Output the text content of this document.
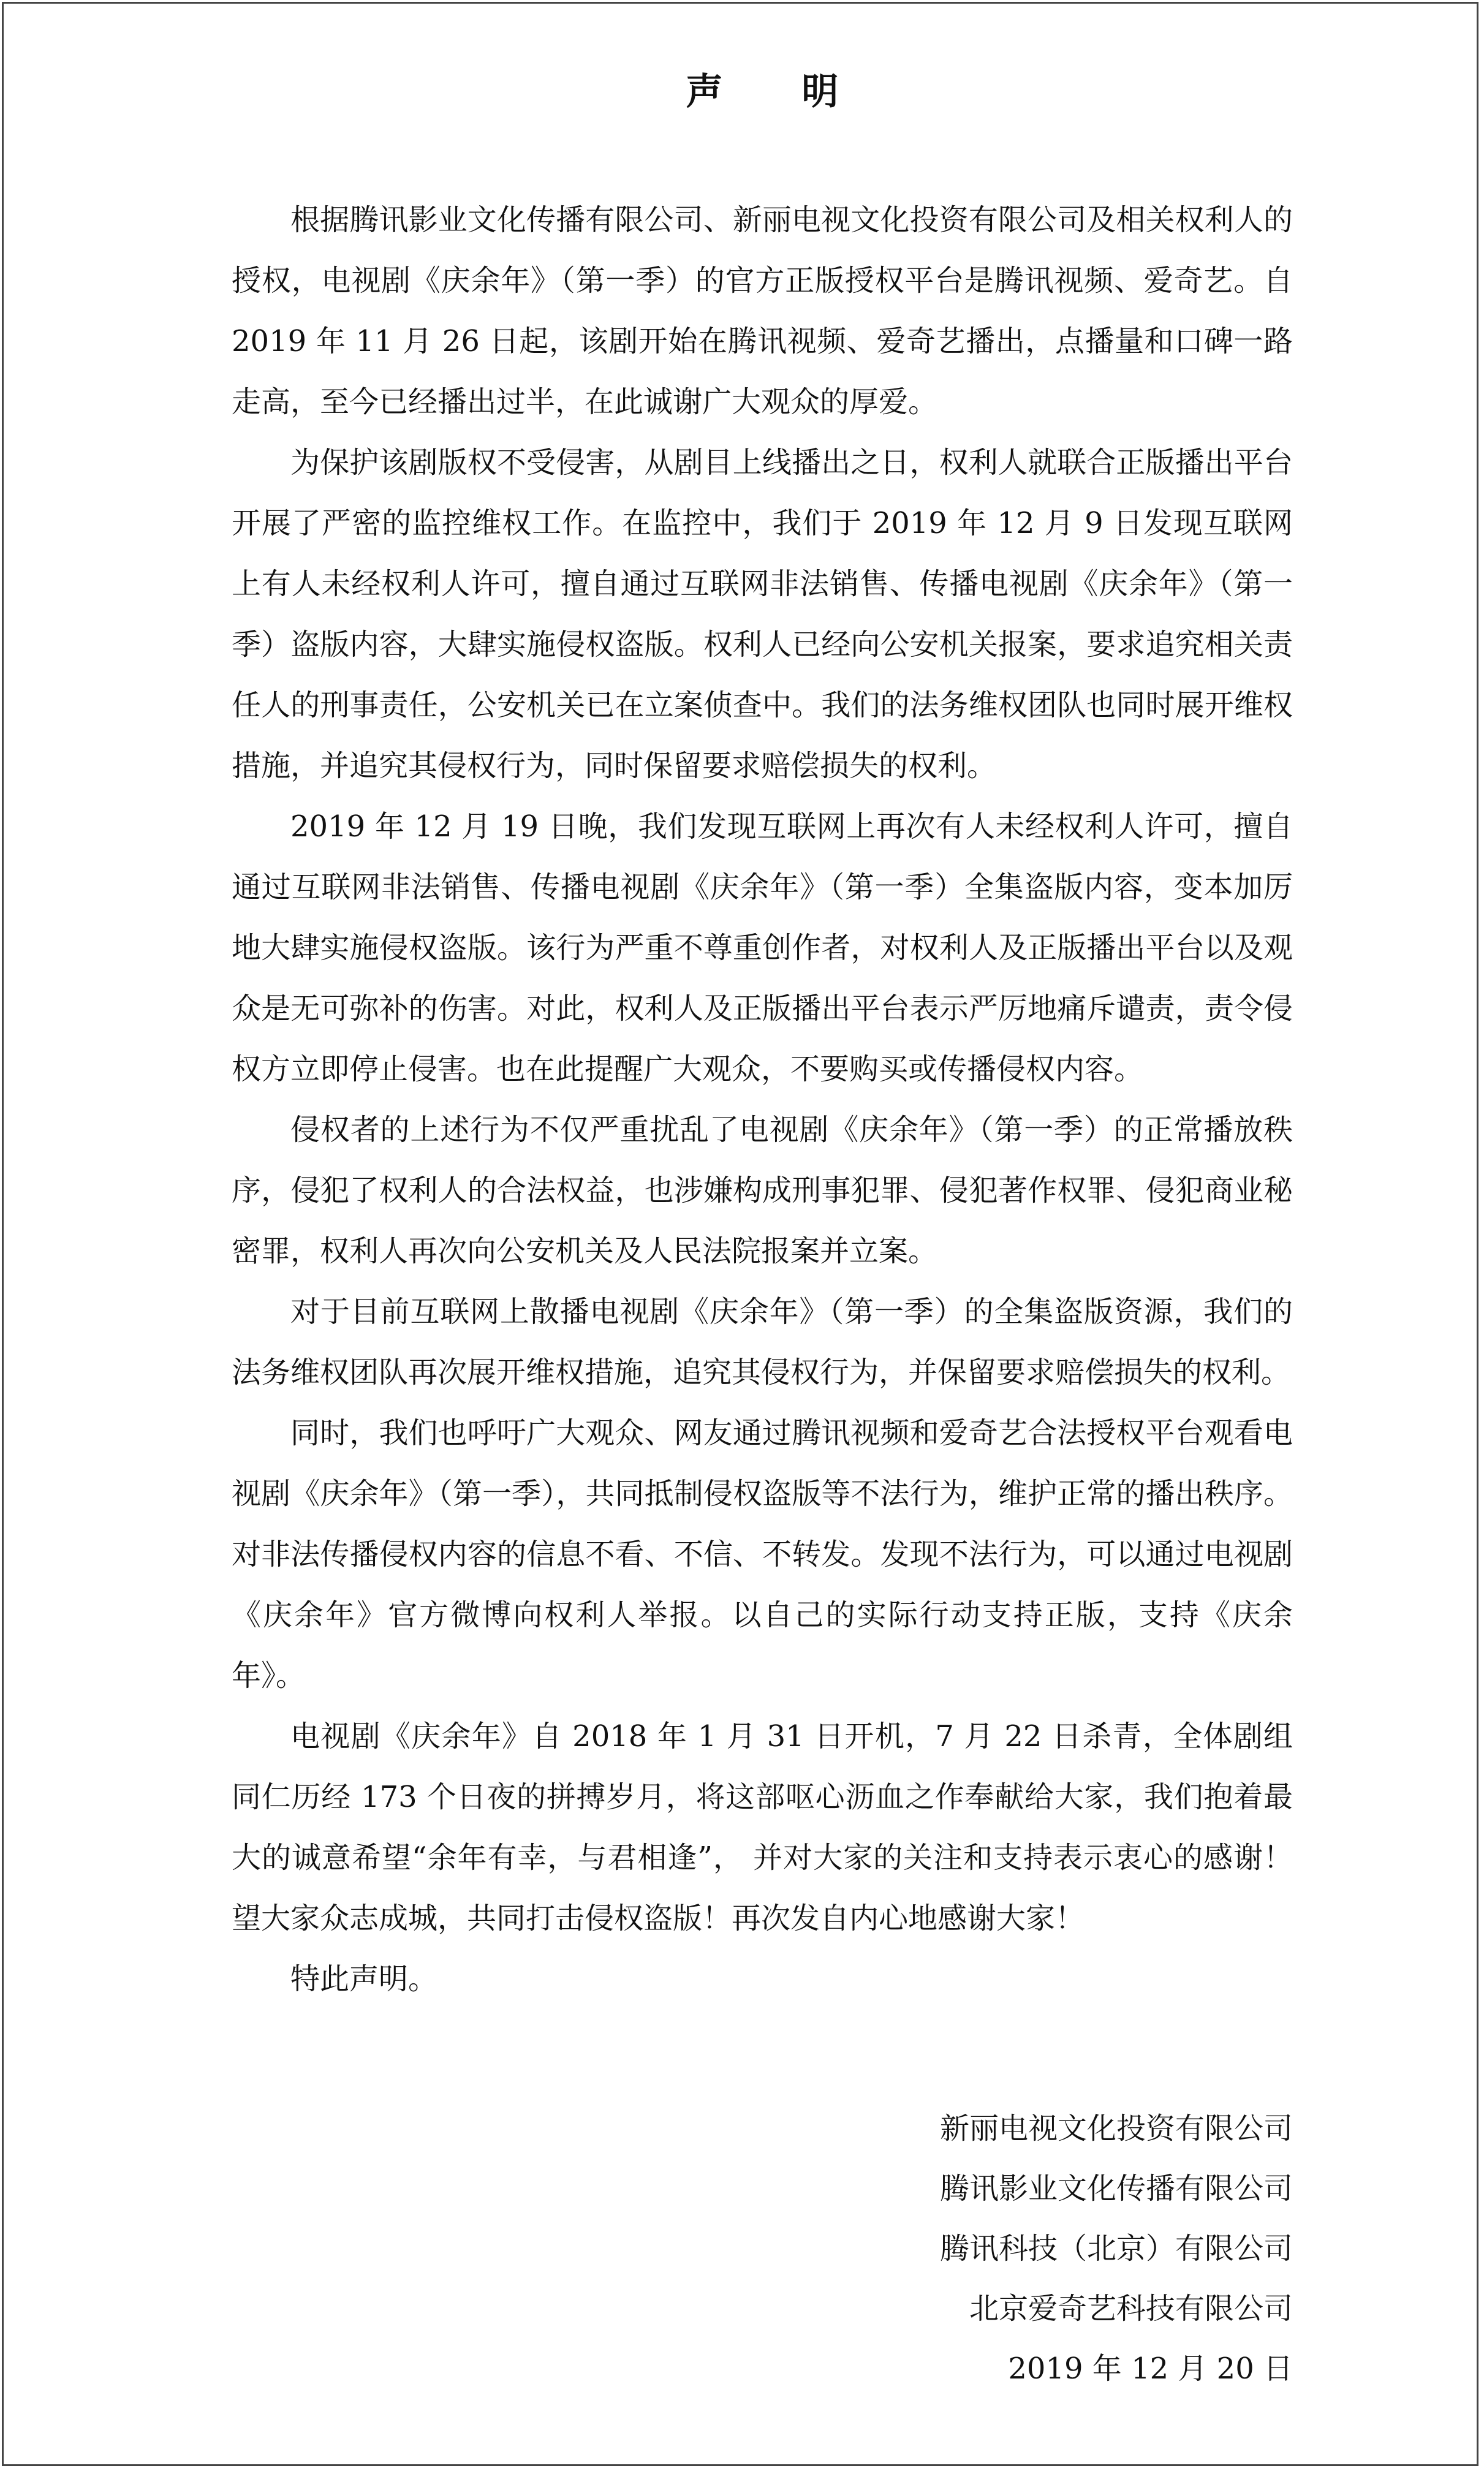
声 明

根据腾讯影业文化传播有限公司、新丽电视文化投资有限公司及相关权利人的授权，电视剧《庆余年》（第一季）的官方正版授权平台是腾讯视频、爱奇艺。自 2019 年 11 月 26 日起，该剧开始在腾讯视频、爱奇艺播出，点播量和口碑一路走高，至今已经播出过半，在此诚谢广大观众的厚爱。

为保护该剧版权不受侵害，从剧目上线播出之日，权利人就联合正版播出平台开展了严密的监控维权工作。在监控中，我们于 2019 年 12 月 9 日发现互联网上有人未经权利人许可，擅自通过互联网非法销售、传播电视剧《庆余年》（第一季）盗版内容，大肆实施侵权盗版。权利人已经向公安机关报案，要求追究相关责任人的刑事责任，公安机关已在立案侦查中。我们的法务维权团队也同时展开维权措施，并追究其侵权行为，同时保留要求赔偿损失的权利。

2019 年 12 月 19 日晚，我们发现互联网上再次有人未经权利人许可，擅自通过互联网非法销售、传播电视剧《庆余年》（第一季）全集盗版内容，变本加厉地大肆实施侵权盗版。该行为严重不尊重创作者，对权利人及正版播出平台以及观众是无可弥补的伤害。对此，权利人及正版播出平台表示严厉地痛斥谴责，责令侵权方立即停止侵害。也在此提醒广大观众，不要购买或传播侵权内容。

侵权者的上述行为不仅严重扰乱了电视剧《庆余年》（第一季）的正常播放秩序，侵犯了权利人的合法权益，也涉嫌构成刑事犯罪、侵犯著作权罪、侵犯商业秘密罪，权利人再次向公安机关及人民法院报案并立案。

对于目前互联网上散播电视剧《庆余年》（第一季）的全集盗版资源，我们的法务维权团队再次展开维权措施，追究其侵权行为，并保留要求赔偿损失的权利。

同时，我们也呼吁广大观众、网友通过腾讯视频和爱奇艺合法授权平台观看电视剧《庆余年》（第一季），共同抵制侵权盗版等不法行为，维护正常的播出秩序。对非法传播侵权内容的信息不看、不信、不转发。发现不法行为，可以通过电视剧《庆余年》官方微博向权利人举报。以自己的实际行动支持正版，支持《庆余年》。

电视剧《庆余年》自 2018 年 1 月 31 日开机，7 月 22 日杀青，全体剧组同仁历经 173 个日夜的拼搏岁月，将这部呕心沥血之作奉献给大家，我们抱着最大的诚意希望“余年有幸，与君相逢”， 并对大家的关注和支持表示衷心的感谢！望大家众志成城，共同打击侵权盗版！再次发自内心地感谢大家！

特此声明。

新丽电视文化投资有限公司
腾讯影业文化传播有限公司
腾讯科技（北京）有限公司
北京爱奇艺科技有限公司
2019 年 12 月 20 日
